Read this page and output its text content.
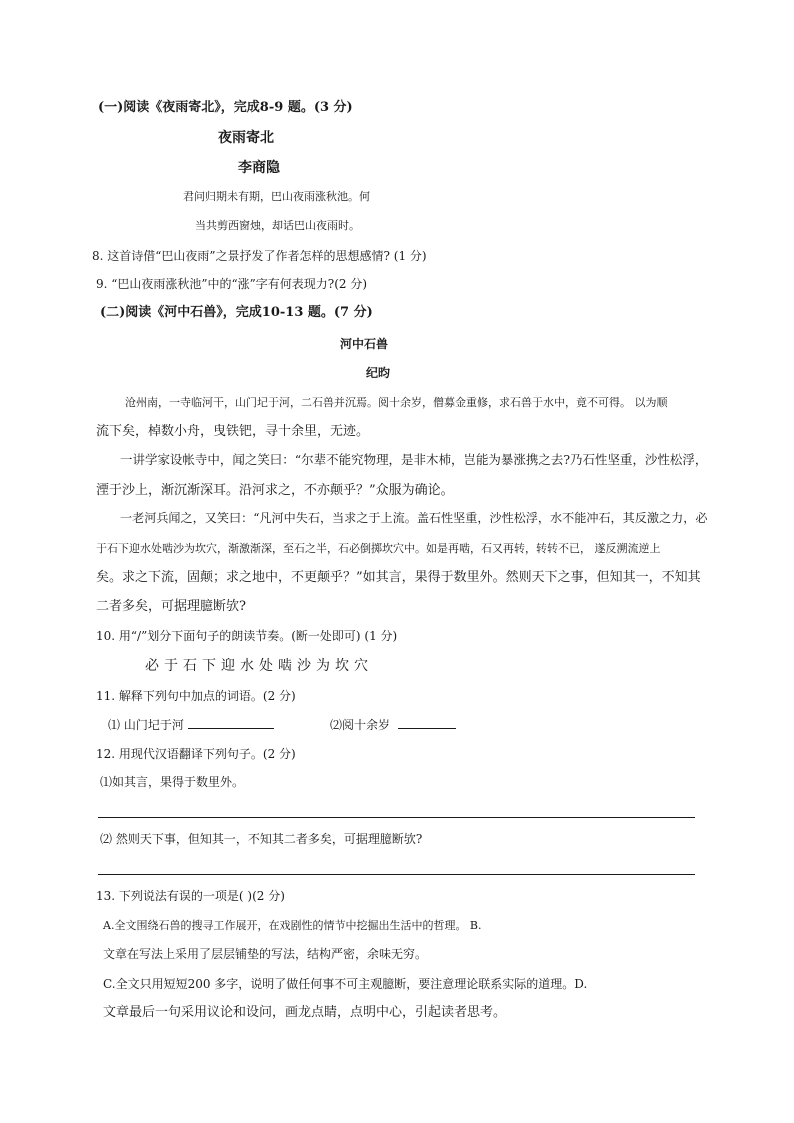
(一)阅读《夜雨寄北》，完成8-9 题。(3 分)
夜雨寄北
李商隐
君问归期未有期，巴山夜雨涨秋池。何
当共剪西窗烛，却话巴山夜雨时。
8. 这首诗借“巴山夜雨”之景抒发了作者怎样的思想感情? (1 分)
9. “巴山夜雨涨秋池”中的“涨”字有何表现力?(2 分)
(二)阅读《河中石兽》，完成10-13 题。(7 分)
河中石兽
纪昀
沧州南，一寺临河干，山门圮于河，二石兽并沉焉。阅十余岁，僧募金重修，求石兽于水中，竟不可得。 以为顺
流下矣，棹数小舟，曳铁钯，寻十余里，无迹。
一讲学家设帐寺中，闻之笑曰：“尔辈不能究物理，是非木杮，岂能为暴涨携之去?乃石性坚重，沙性松浮，
湮于沙上，渐沉渐深耳。沿河求之，不亦颠乎？”众服为确论。
一老河兵闻之，又笑曰：“凡河中失石，当求之于上流。盖石性坚重，沙性松浮，水不能冲石，其反激之力，必
于石下迎水处啮沙为坎穴，渐激渐深，至石之半，石必倒掷坎穴中。如是再啮，石又再转，转转不已， 遂反溯流逆上
矣。求之下流，固颠；求之地中，不更颠乎？”如其言，果得于数里外。然则天下之事，但知其一，不知其
二者多矣，可据理臆断欤?
10. 用“/”划分下面句子的朗读节奏。(断一处即可) (1 分)
必于石下迎水处啮沙为坎穴
11. 解释下列句中加点的词语。(2 分)
⑴ 山门圮于河	⑵阅十余岁
12. 用现代汉语翻译下列句子。(2 分)
⑴如其言，果得于数里外。
⑵ 然则天下事，但知其一，不知其二者多矣，可据理臆断欤?
13. 下列说法有误的一项是( )(2 分)
A.全文围绕石兽的搜寻工作展开，在戏剧性的情节中挖掘出生活中的哲理。 B.
文章在写法上采用了层层铺垫的写法，结构严密，余味无穷。
C.全文只用短短200 多字，说明了做任何事不可主观臆断，要注意理论联系实际的道理。D.
文章最后一句采用议论和设问，画龙点睛，点明中心，引起读者思考。
